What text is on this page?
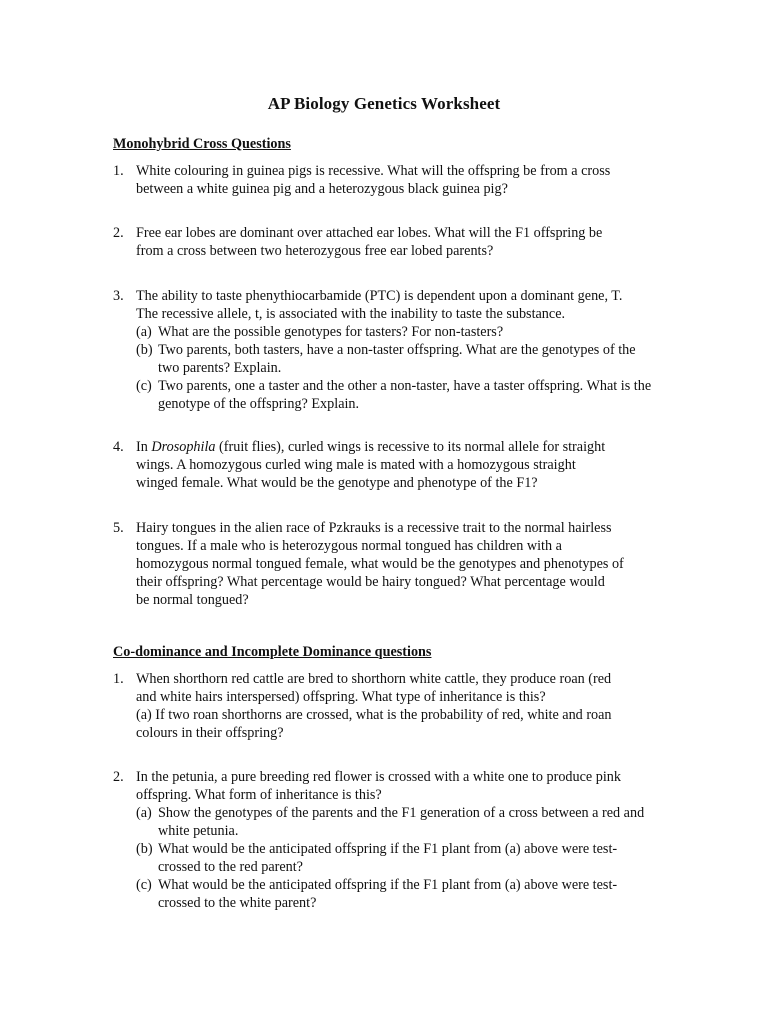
AP Biology Genetics Worksheet
Monohybrid Cross Questions
1. White colouring in guinea pigs is recessive. What will the offspring be from a cross
between a white guinea pig and a heterozygous black guinea pig?
2. Free ear lobes are dominant over attached ear lobes. What will the F1 offspring be
from a cross between two heterozygous free ear lobed parents?
3. The ability to taste phenythiocarbamide (PTC) is dependent upon a dominant gene, T.
The recessive allele, t, is associated with the inability to taste the substance.
(a) What are the possible genotypes for tasters? For non-tasters?
(b) Two parents, both tasters, have a non-taster offspring. What are the genotypes of the two parents? Explain.
(c) Two parents, one a taster and the other a non-taster, have a taster offspring. What is the genotype of the offspring? Explain.
4. In Drosophila (fruit flies), curled wings is recessive to its normal allele for straight
wings. A homozygous curled wing male is mated with a homozygous straight
winged female. What would be the genotype and phenotype of the F1?
5. Hairy tongues in the alien race of Pzkrauks is a recessive trait to the normal hairless
tongues. If a male who is heterozygous normal tongued has children with a
homozygous normal tongued female, what would be the genotypes and phenotypes of
their offspring? What percentage would be hairy tongued? What percentage would
be normal tongued?
Co-dominance and Incomplete Dominance questions
1. When shorthorn red cattle are bred to shorthorn white cattle, they produce roan (red
and white hairs interspersed) offspring. What type of inheritance is this?
(a) If two roan shorthorns are crossed, what is the probability of red, white and roan
colours in their offspring?
2. In the petunia, a pure breeding red flower is crossed with a white one to produce pink
offspring. What form of inheritance is this?
(a) Show the genotypes of the parents and the F1 generation of a cross between a red and white petunia.
(b) What would be the anticipated offspring if the F1 plant from (a) above were test-crossed to the red parent?
(c) What would be the anticipated offspring if the F1 plant from (a) above were test-crossed to the white parent?
